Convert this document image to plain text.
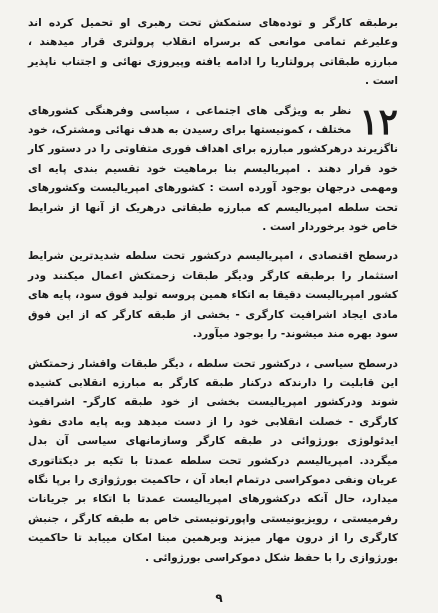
برطبقه کارگر و توده‌های ستمکش تحت رهبری او تحمیل کرده اند وعلیرغم تمامی موانعی که برسراه انقلاب پرولتری قرار میدهند ، مبارزه طبقاتی پرولتاریا را ادامه یافته وپیروزی نهائی و اجتناب ناپذیر است .

۱۲

نظر به ویژگی های اجتماعی ، سیاسی وفرهنگی کشورهای مختلف ، کمونیستها برای رسیدن به هدف نهائی ومشترک، خود ناگزیرند درهرکشور مبارزه برای اهداف فوری متفاوتی را در دستور کار خود قرار دهند . امپریالیسم بنا برماهیت خود تقسیم بندی پایه ای ومهمی درجهان بوجود آورده است : کشورهای امپریالیست وکشورهای تحت سلطه امپریالیسم که مبارزه طبقاتی درهریک از آنها از شرایط خاص خود برخوردار است .

درسطح اقتصادی ، امپریالیسم درکشور تحت سلطه شدیدترین شرایط استثمار را برطبقه کارگر ودیگر طبقات زحمتکش اعمال میکنند ودر کشور امپریالیست دقیقا به اتکاء همین پروسه تولید فوق سود، پایه های مادی ایجاد اشرافیت کارگری - بخشی از طبقه کارگر که از این فوق سود بهره مند میشوند- را بوجود میآورد.

درسطح سیاسی ، درکشور تحت سلطه ، دیگر طبقات واقشار زحمتکش این قابلیت را دارندکه درکنار طبقه کارگر به مبارزه انقلابی کشیده شوند ودرکشور امپریالیست بخشی از خود طبقه کارگر- اشرافیت کارگری - خصلت انقلابی خود را از دست میدهد وبه پایه مادی نفوذ ایدئولوژی بورژوائی در طبقه کارگر وسازمانهای سیاسی آن بدل میگردد. امپریالیسم درکشور تحت سلطه عمدتا با تکیه بر دیکتاتوری عریان ونفی دموکراسی درتمام ابعاد آن ، حاکمیت بورژوازی را برپا نگاه میدارد، حال آنکه درکشورهای امپریالیست عمدتا با اتکاء بر جریانات رفرمیستی ، رویزیونیستی واپورتونیستی خاص به طبقه کارگر ، جنبش کارگری را از درون مهار میزند وبرهمین مبنا امکان مییابد تا حاکمیت بورژوازی را با حفظ شکل دموکراسی بورژوائی .

۹
